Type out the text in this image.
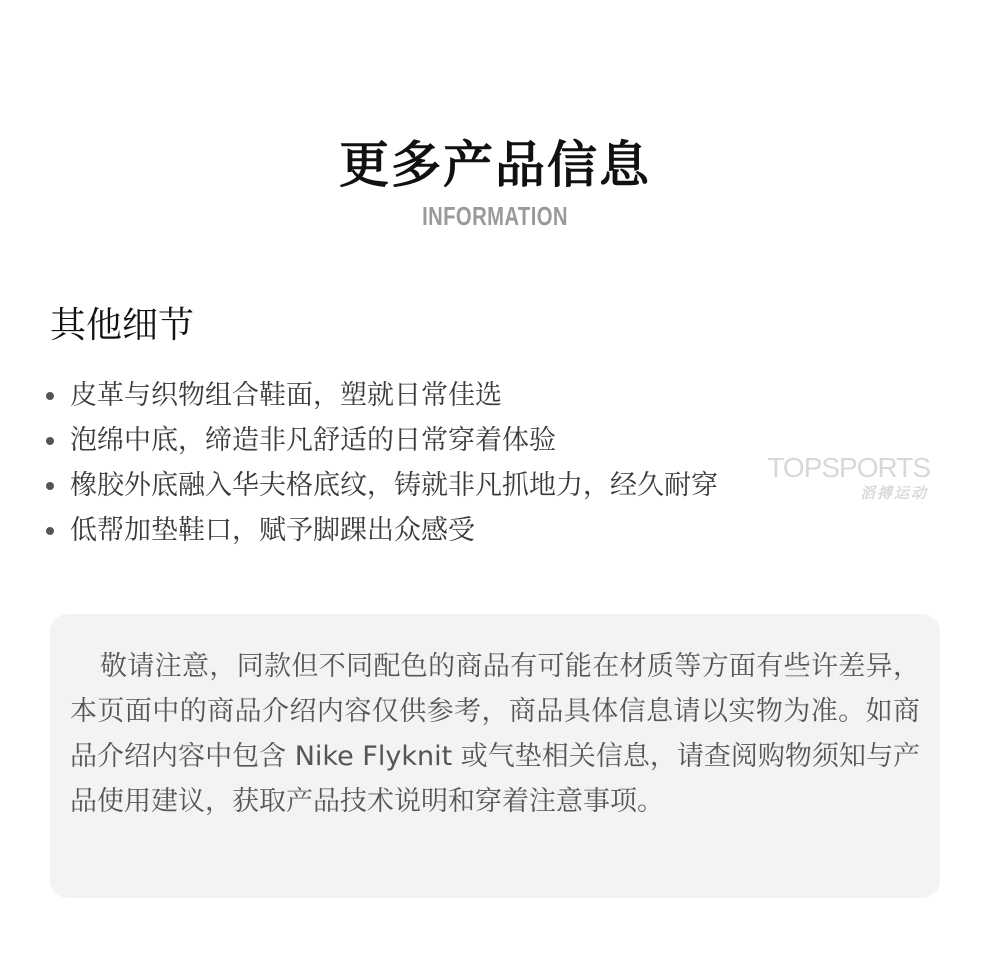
更多产品信息
INFORMATION
其他细节
皮革与织物组合鞋面，塑就日常佳选
泡绵中底，缔造非凡舒适的日常穿着体验
橡胶外底融入华夫格底纹，铸就非凡抓地力，经久耐穿
低帮加垫鞋口，赋予脚踝出众感受
TOPSPORTS
滔搏运动

敬请注意，同款但不同配色的商品有可能在材质等方面有些许差异，本页面中的商品介绍内容仅供参考，商品具体信息请以实物为准。如商品介绍内容中包含 Nike Flyknit 或气垫相关信息，请查阅购物须知与产品使用建议，获取产品技术说明和穿着注意事项。
